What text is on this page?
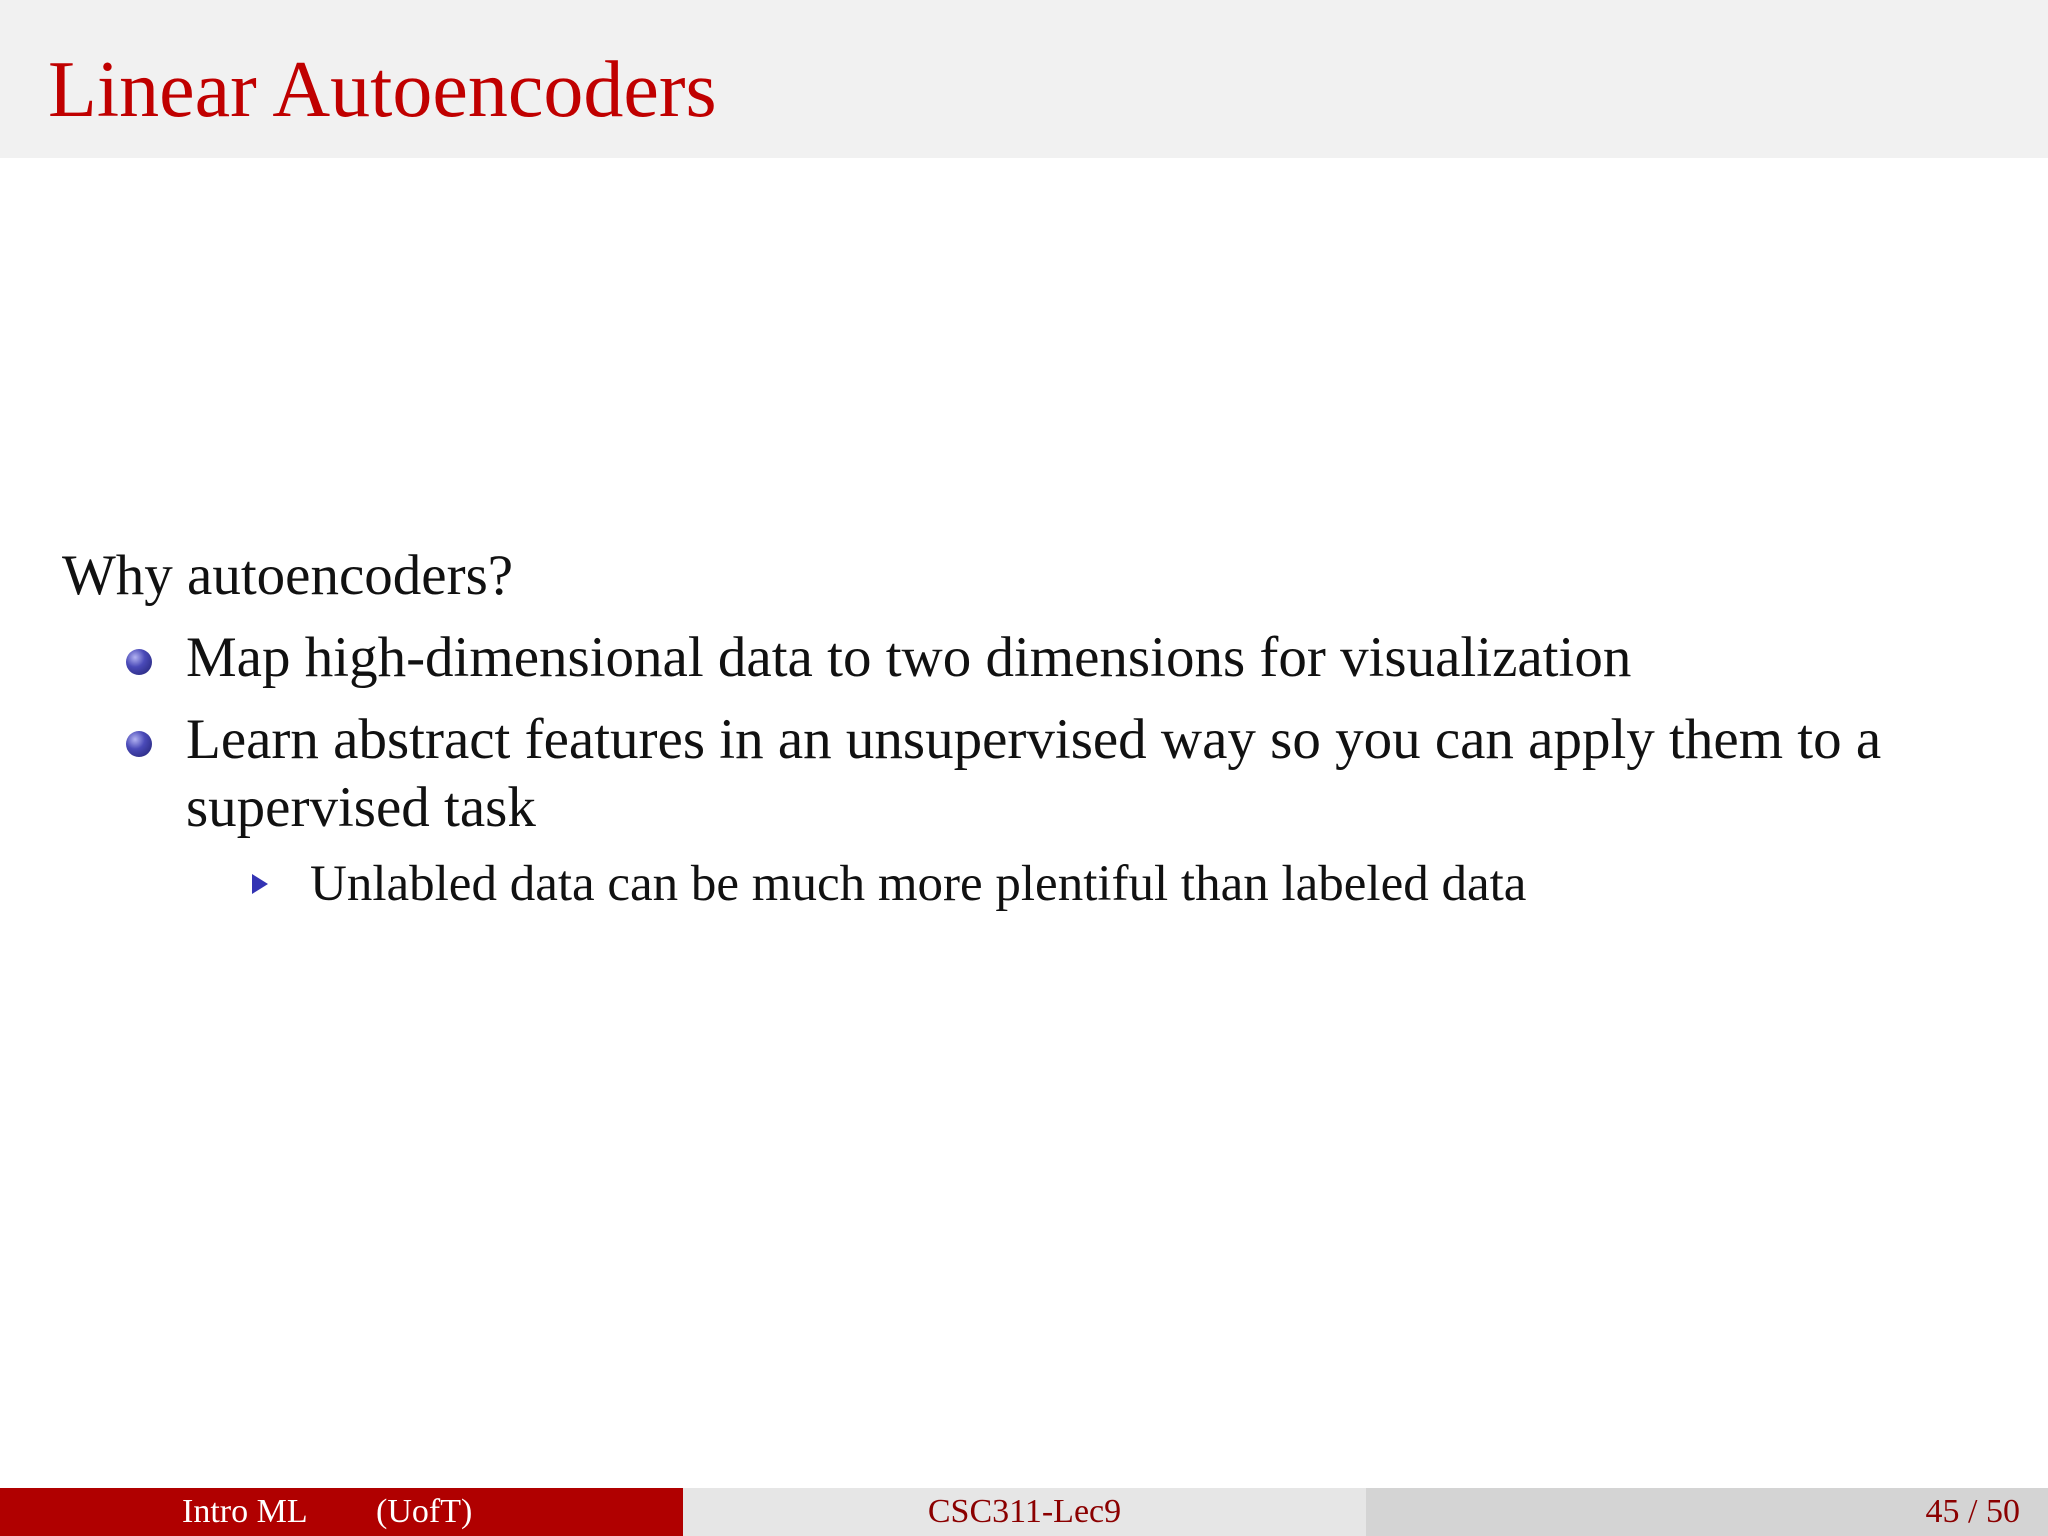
Linear Autoencoders

Why autoencoders?

Map high-dimensional data to two dimensions for visualization
Learn abstract features in an unsupervised way so you can apply them to a supervised task
Unlabled data can be much more plentiful than labeled data
Intro ML (UofT)	CSC311-Lec9	45 / 50
